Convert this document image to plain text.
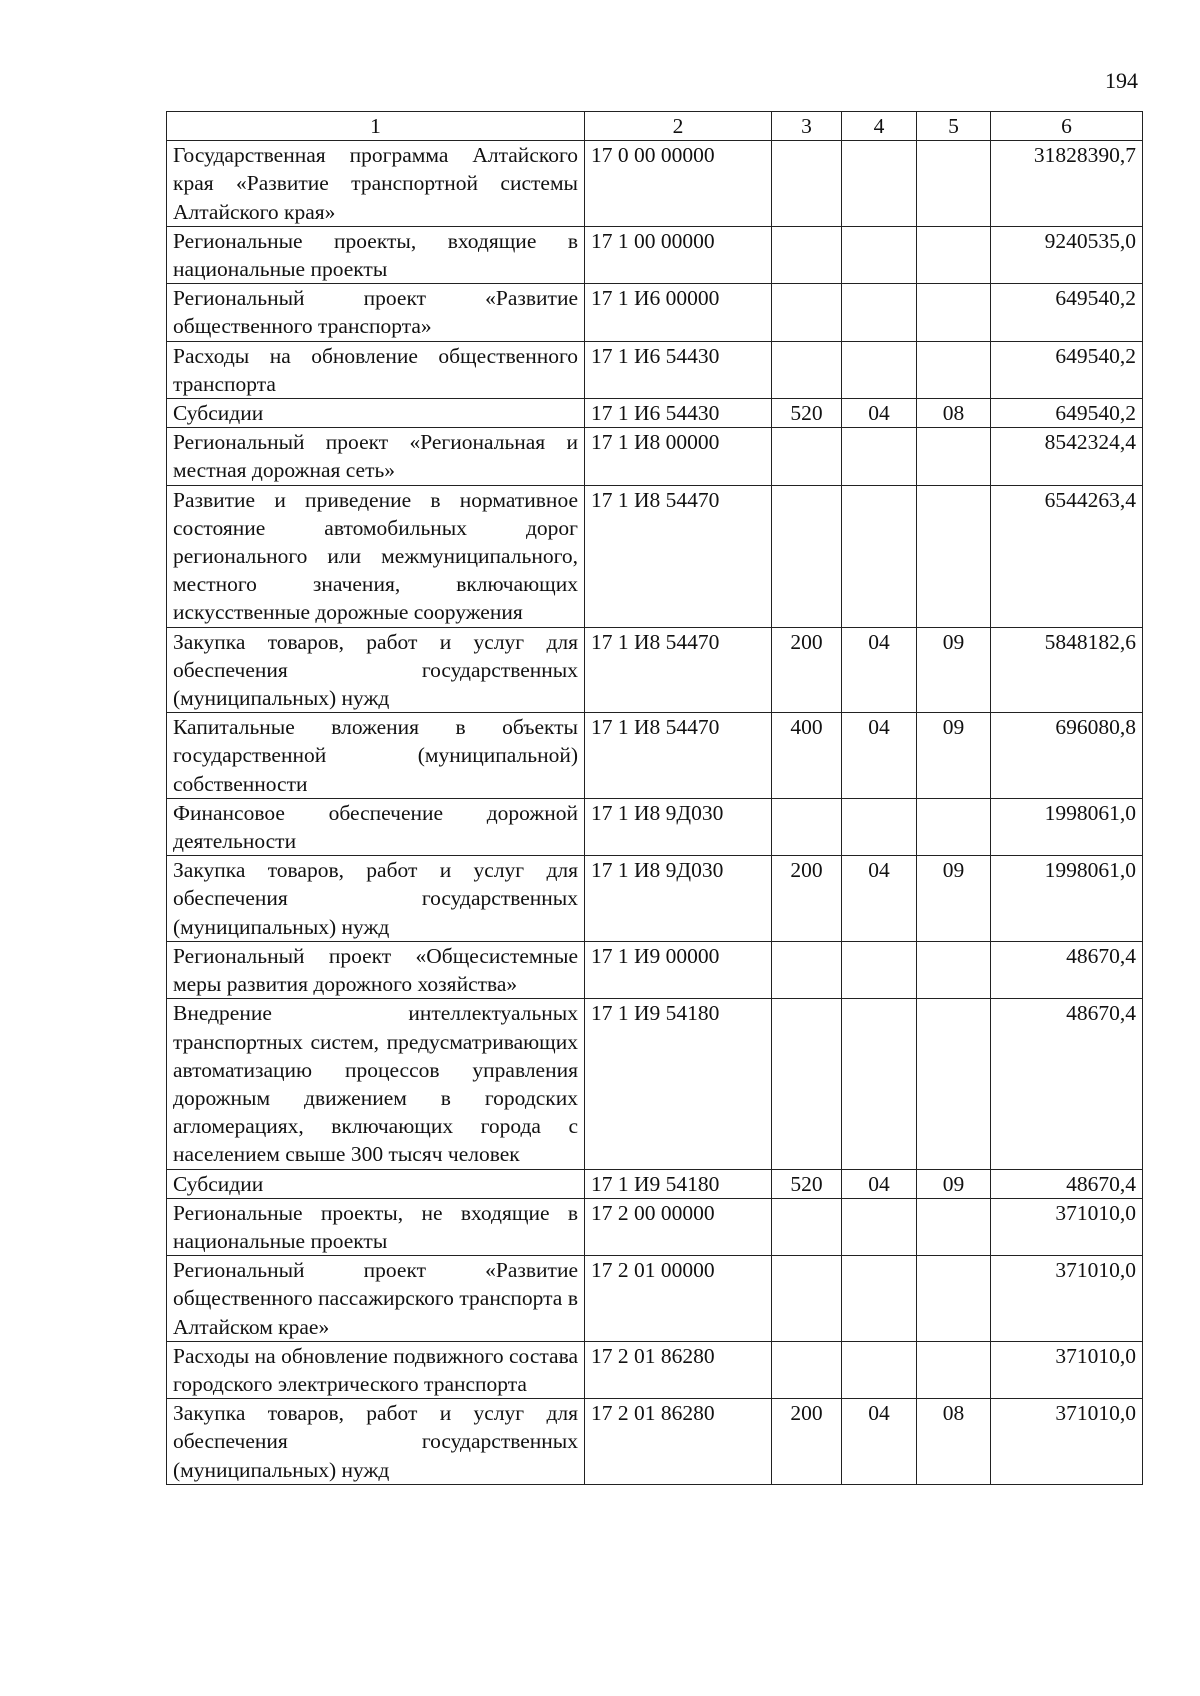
194
1	2	3	4	5	6
Государственная программа Алтайского края «Развитие транспортной системы Алтайского края»	17 0 00 00000				31828390,7
Региональные проекты, входящие в национальные проекты	17 1 00 00000				9240535,0
Региональный проект «Развитие общественного транспорта»	17 1 И6 00000				649540,2
Расходы на обновление общественного транспорта	17 1 И6 54430				649540,2
Субсидии	17 1 И6 54430	520	04	08	649540,2
Региональный проект «Региональная и местная дорожная сеть»	17 1 И8 00000				8542324,4
Развитие и приведение в нормативное состояние автомобильных дорог регионального или межмуниципального, местного значения, включающих искусственные дорожные сооружения	17 1 И8 54470				6544263,4
Закупка товаров, работ и услуг для обеспечения государственных (муниципальных) нужд	17 1 И8 54470	200	04	09	5848182,6
Капитальные вложения в объекты государственной (муниципальной) собственности	17 1 И8 54470	400	04	09	696080,8
Финансовое обеспечение дорожной деятельности	17 1 И8 9Д030				1998061,0
Закупка товаров, работ и услуг для обеспечения государственных (муниципальных) нужд	17 1 И8 9Д030	200	04	09	1998061,0
Региональный проект «Общесистемные меры развития дорожного хозяйства»	17 1 И9 00000				48670,4
Внедрение интеллектуальных транспортных систем, предусматривающих автоматизацию процессов управления дорожным движением в городских агломерациях, включающих города с населением свыше 300 тысяч человек	17 1 И9 54180				48670,4
Субсидии	17 1 И9 54180	520	04	09	48670,4
Региональные проекты, не входящие в национальные проекты	17 2 00 00000				371010,0
Региональный проект «Развитие общественного пассажирского транспорта в Алтайском крае»	17 2 01 00000				371010,0
Расходы на обновление подвижного состава городского электрического транспорта	17 2 01 86280				371010,0
Закупка товаров, работ и услуг для обеспечения государственных (муниципальных) нужд	17 2 01 86280	200	04	08	371010,0
